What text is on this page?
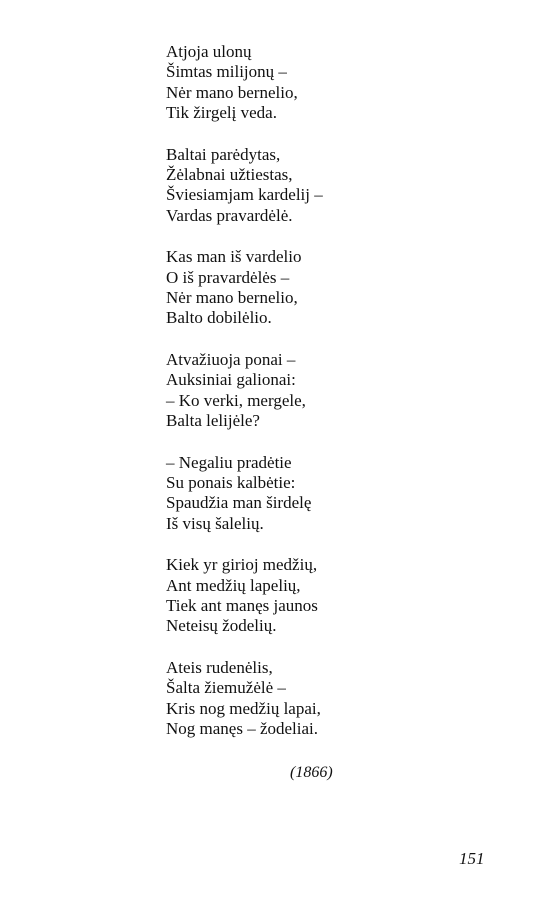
Atjoja ulonų
Šimtas milijonų –
Nėr mano bernelio,
Tik žirgelį veda.
Baltai parėdytas,
Žėlabnai užtiestas,
Šviesiamjam kardelij –
Vardas pravardėlė.
Kas man iš vardelio
O iš pravardėlės –
Nėr mano bernelio,
Balto dobilėlio.
Atvažiuoja ponai –
Auksiniai galionai:
– Ko verki, mergele,
Balta lelijėle?
– Negaliu pradėtie
Su ponais kalbėtie:
Spaudžia man širdelę
Iš visų šalelių.
Kiek yr girioj medžių,
Ant medžių lapelių,
Tiek ant manęs jaunos
Neteisų žodelių.
Ateis rudenėlis,
Šalta žiemužėlė –
Kris nog medžių lapai,
Nog manęs – žodeliai.
(1866)
151
